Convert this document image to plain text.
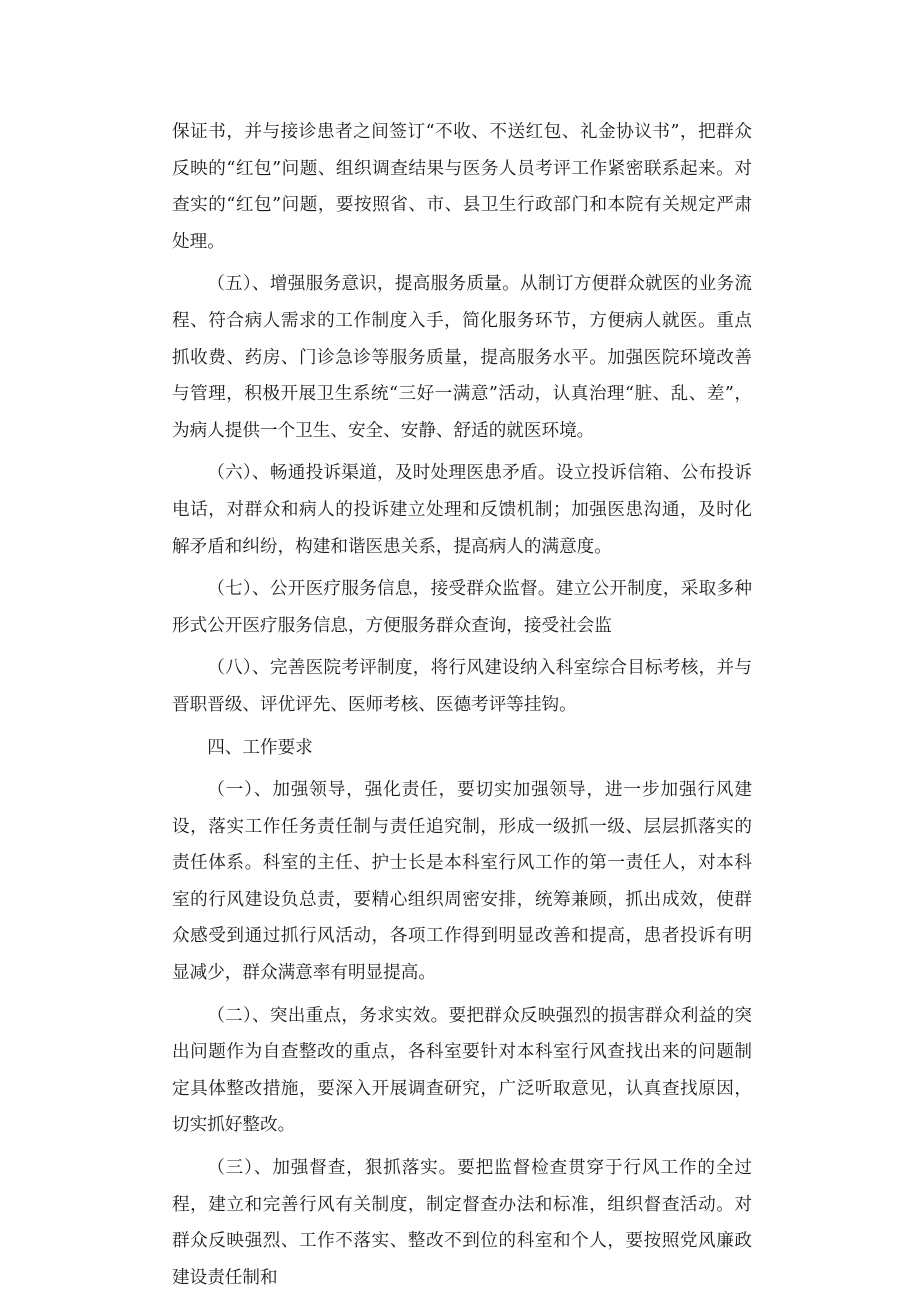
保证书，并与接诊患者之间签订“不收、不送红包、礼金协议书”，把群众反映的“红包”问题、组织调查结果与医务人员考评工作紧密联系起来。对查实的“红包”问题，要按照省、市、县卫生行政部门和本院有关规定严肃处理。

（五）、增强服务意识，提高服务质量。从制订方便群众就医的业务流程、符合病人需求的工作制度入手，简化服务环节，方便病人就医。重点抓收费、药房、门诊急诊等服务质量，提高服务水平。加强医院环境改善与管理，积极开展卫生系统“三好一满意”活动，认真治理“脏、乱、差”，为病人提供一个卫生、安全、安静、舒适的就医环境。

（六）、畅通投诉渠道，及时处理医患矛盾。设立投诉信箱、公布投诉电话，对群众和病人的投诉建立处理和反馈机制；加强医患沟通，及时化解矛盾和纠纷，构建和谐医患关系，提高病人的满意度。

（七）、公开医疗服务信息，接受群众监督。建立公开制度，采取多种形式公开医疗服务信息，方便服务群众查询，接受社会监

（八）、完善医院考评制度，将行风建设纳入科室综合目标考核，并与晋职晋级、评优评先、医师考核、医德考评等挂钩。

四、工作要求

（一）、加强领导，强化责任，要切实加强领导，进一步加强行风建设，落实工作任务责任制与责任追究制，形成一级抓一级、层层抓落实的责任体系。科室的主任、护士长是本科室行风工作的第一责任人，对本科室的行风建设负总责，要精心组织周密安排，统筹兼顾，抓出成效，使群众感受到通过抓行风活动，各项工作得到明显改善和提高，患者投诉有明显减少，群众满意率有明显提高。

（二）、突出重点，务求实效。要把群众反映强烈的损害群众利益的突出问题作为自查整改的重点，各科室要针对本科室行风查找出来的问题制定具体整改措施，要深入开展调查研究，广泛听取意见，认真查找原因，切实抓好整改。

（三）、加强督查，狠抓落实。要把监督检查贯穿于行风工作的全过程，建立和完善行风有关制度，制定督查办法和标准，组织督查活动。对群众反映强烈、工作不落实、整改不到位的科室和个人，要按照党风廉政建设责任制和
